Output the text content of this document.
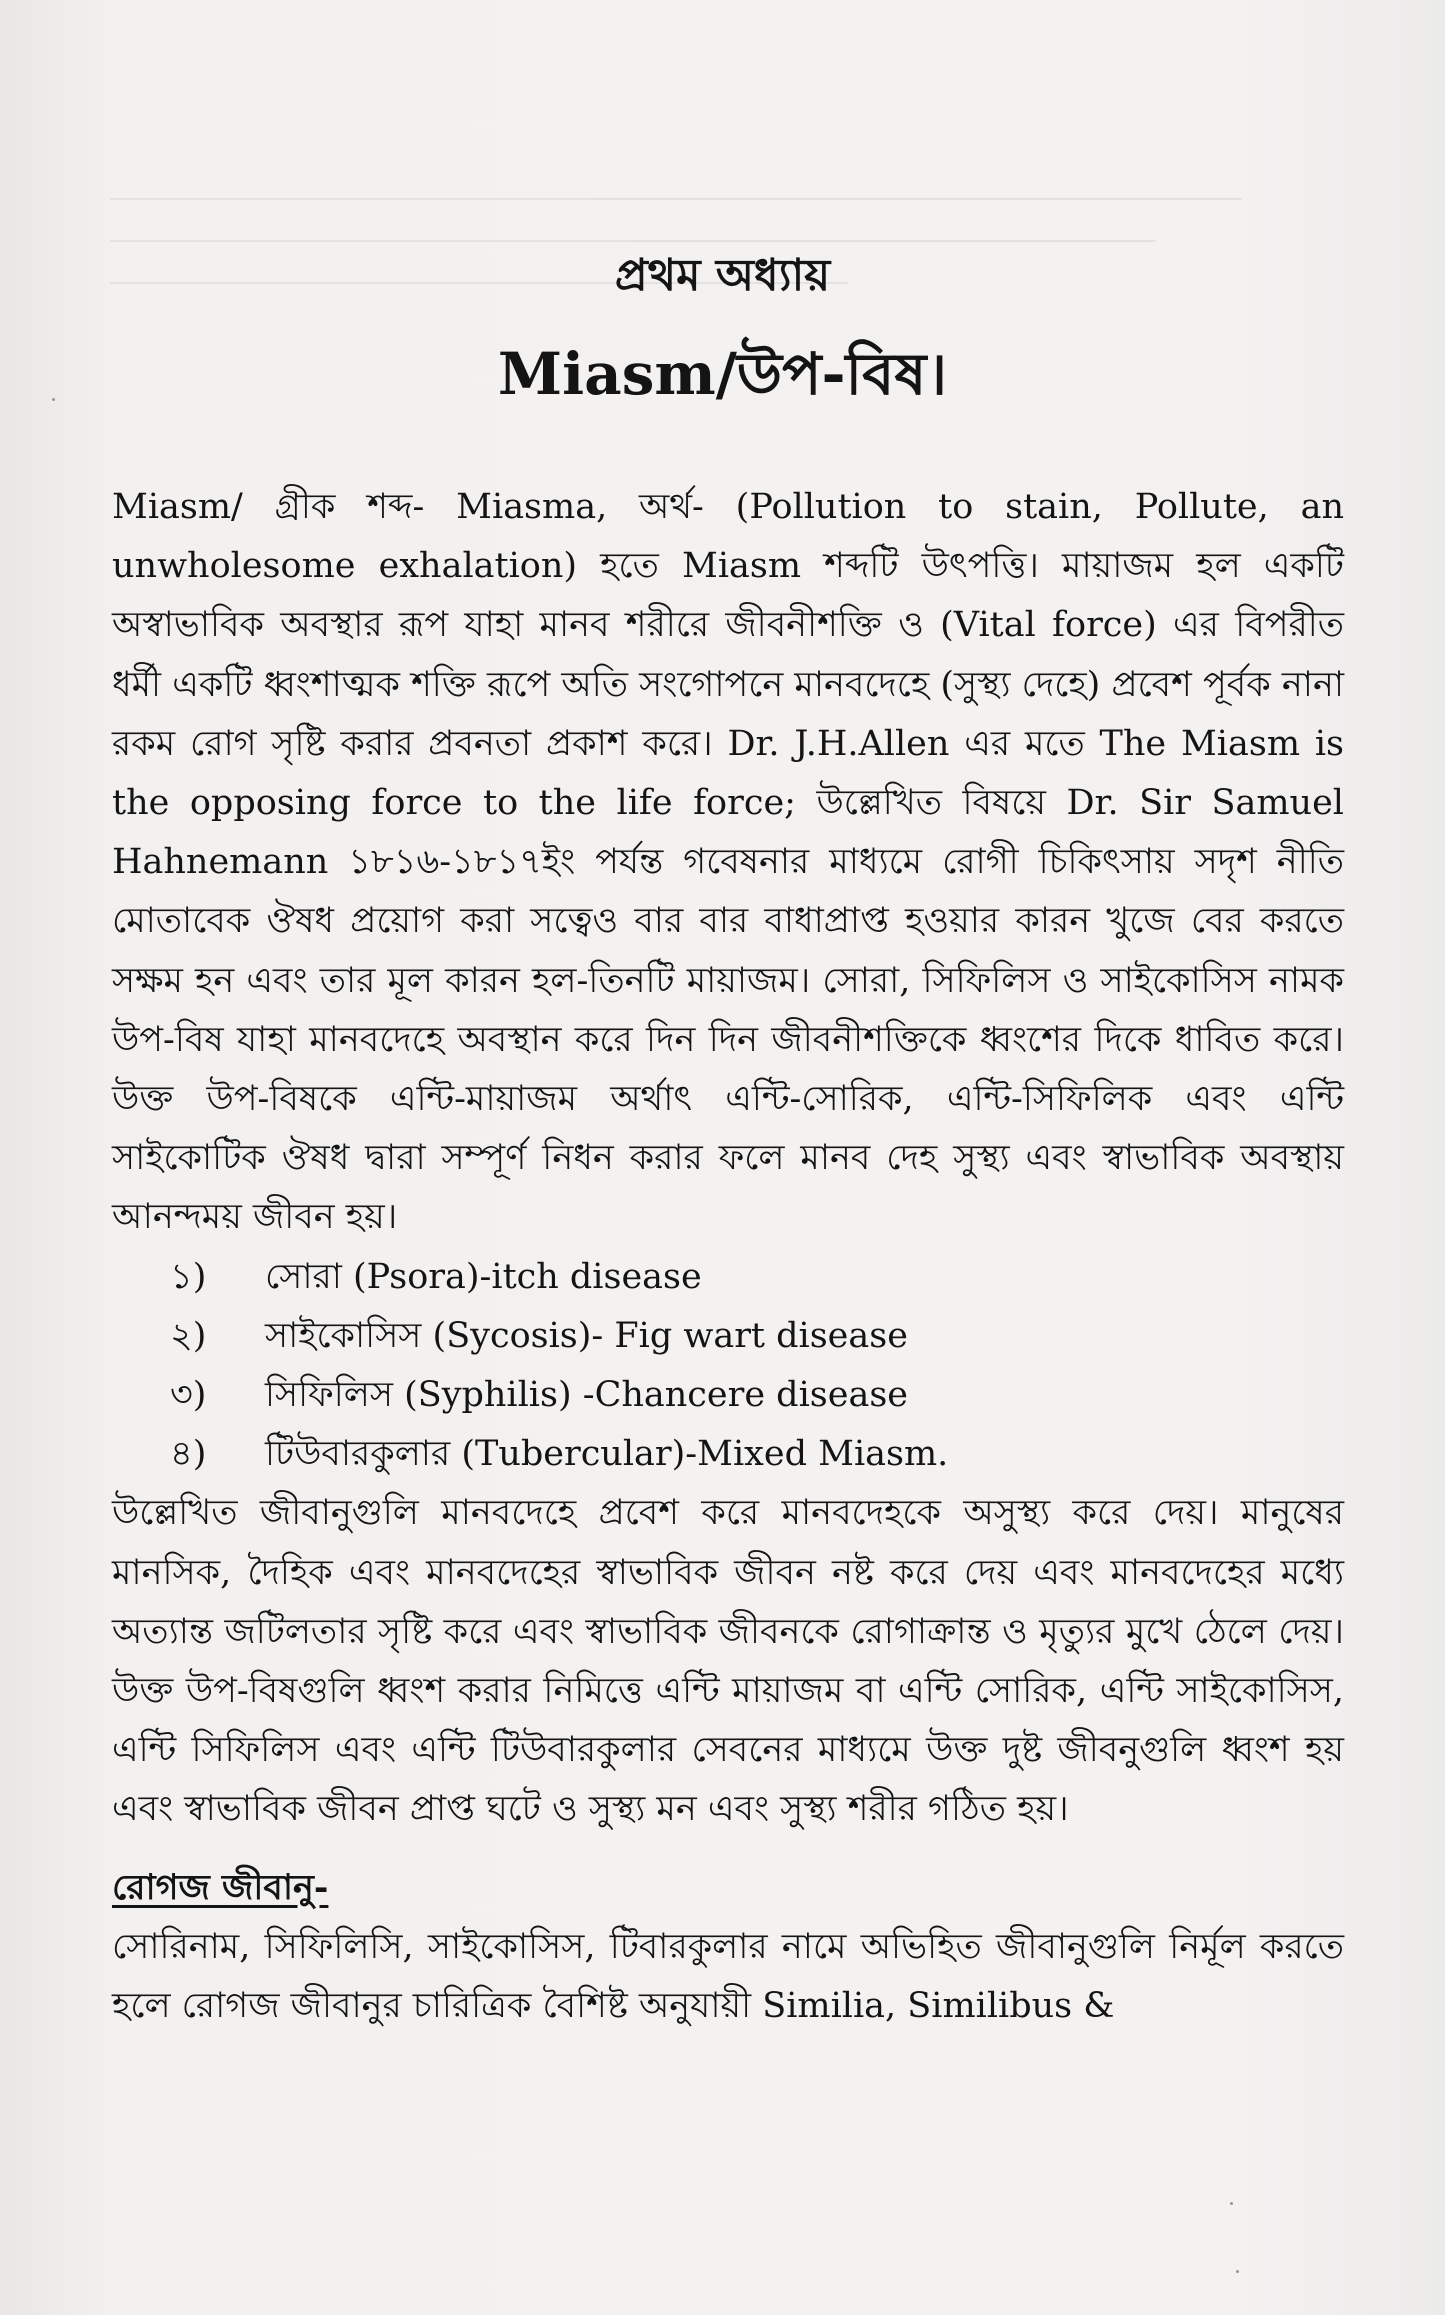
প্রথম অধ্যায়
Miasm/উপ-বিষ।

Miasm/ গ্রীক শব্দ- Miasma, অর্থ- (Pollution to stain, Pollute, an unwholesome exhalation) হতে Miasm শব্দটি উৎপত্তি। মায়াজম হল একটি অস্বাভাবিক অবস্থার রূপ যাহা মানব শরীরে জীবনীশক্তি ও (Vital force) এর বিপরীত ধর্মী একটি ধ্বংশাত্মক শক্তি রূপে অতি সংগোপনে মানবদেহে (সুস্থ্য দেহে) প্রবেশ পূর্বক নানা রকম রোগ সৃষ্টি করার প্রবনতা প্রকাশ করে। Dr. J.H.Allen এর মতে The Miasm is the opposing force to the life force; উল্লেখিত বিষয়ে Dr. Sir Samuel Hahnemann ১৮১৬-১৮১৭ইং পর্যন্ত গবেষনার মাধ্যমে রোগী চিকিৎসায় সদৃশ নীতি মোতাবেক ঔষধ প্রয়োগ করা সত্বেও বার বার বাধাপ্রাপ্ত হওয়ার কারন খুজে বের করতে সক্ষম হন এবং তার মূল কারন হল-তিনটি মায়াজম। সোরা, সিফিলিস ও সাইকোসিস নামক উপ-বিষ যাহা মানবদেহে অবস্থান করে দিন দিন জীবনীশক্তিকে ধ্বংশের দিকে ধাবিত করে। উক্ত উপ-বিষকে এন্টি-মায়াজম অর্থাৎ এন্টি-সোরিক, এন্টি-সিফিলিক এবং এন্টি সাইকোটিক ঔষধ দ্বারা সম্পূর্ণ নিধন করার ফলে মানব দেহ সুস্থ্য এবং স্বাভাবিক অবস্থায় আনন্দময় জীবন হয়।

১)	সোরা (Psora)-itch disease
২)	সাইকোসিস (Sycosis)- Fig wart disease
৩)	সিফিলিস (Syphilis) -Chancere disease
৪)	টিউবারকুলার (Tubercular)-Mixed Miasm.

উল্লেখিত জীবানুগুলি মানবদেহে প্রবেশ করে মানবদেহকে অসুস্থ্য করে দেয়। মানুষের মানসিক, দৈহিক এবং মানবদেহের স্বাভাবিক জীবন নষ্ট করে দেয় এবং মানবদেহের মধ্যে অত্যান্ত জটিলতার সৃষ্টি করে এবং স্বাভাবিক জীবনকে রোগাক্রান্ত ও মৃত্যুর মুখে ঠেলে দেয়। উক্ত উপ-বিষগুলি ধ্বংশ করার নিমিত্তে এন্টি মায়াজম বা এন্টি সোরিক, এন্টি সাইকোসিস, এন্টি সিফিলিস এবং এন্টি টিউবারকুলার সেবনের মাধ্যমে উক্ত দুষ্ট জীবনুগুলি ধ্বংশ হয় এবং স্বাভাবিক জীবন প্রাপ্ত ঘটে ও সুস্থ্য মন এবং সুস্থ্য শরীর গঠিত হয়।

রোগজ জীবানু-

সোরিনাম, সিফিলিসি, সাইকোসিস, টিবারকুলার নামে অভিহিত জীবানুগুলি নির্মূল করতে হলে রোগজ জীবানুর চারিত্রিক বৈশিষ্ট অনুযায়ী Similia, Similibus &
